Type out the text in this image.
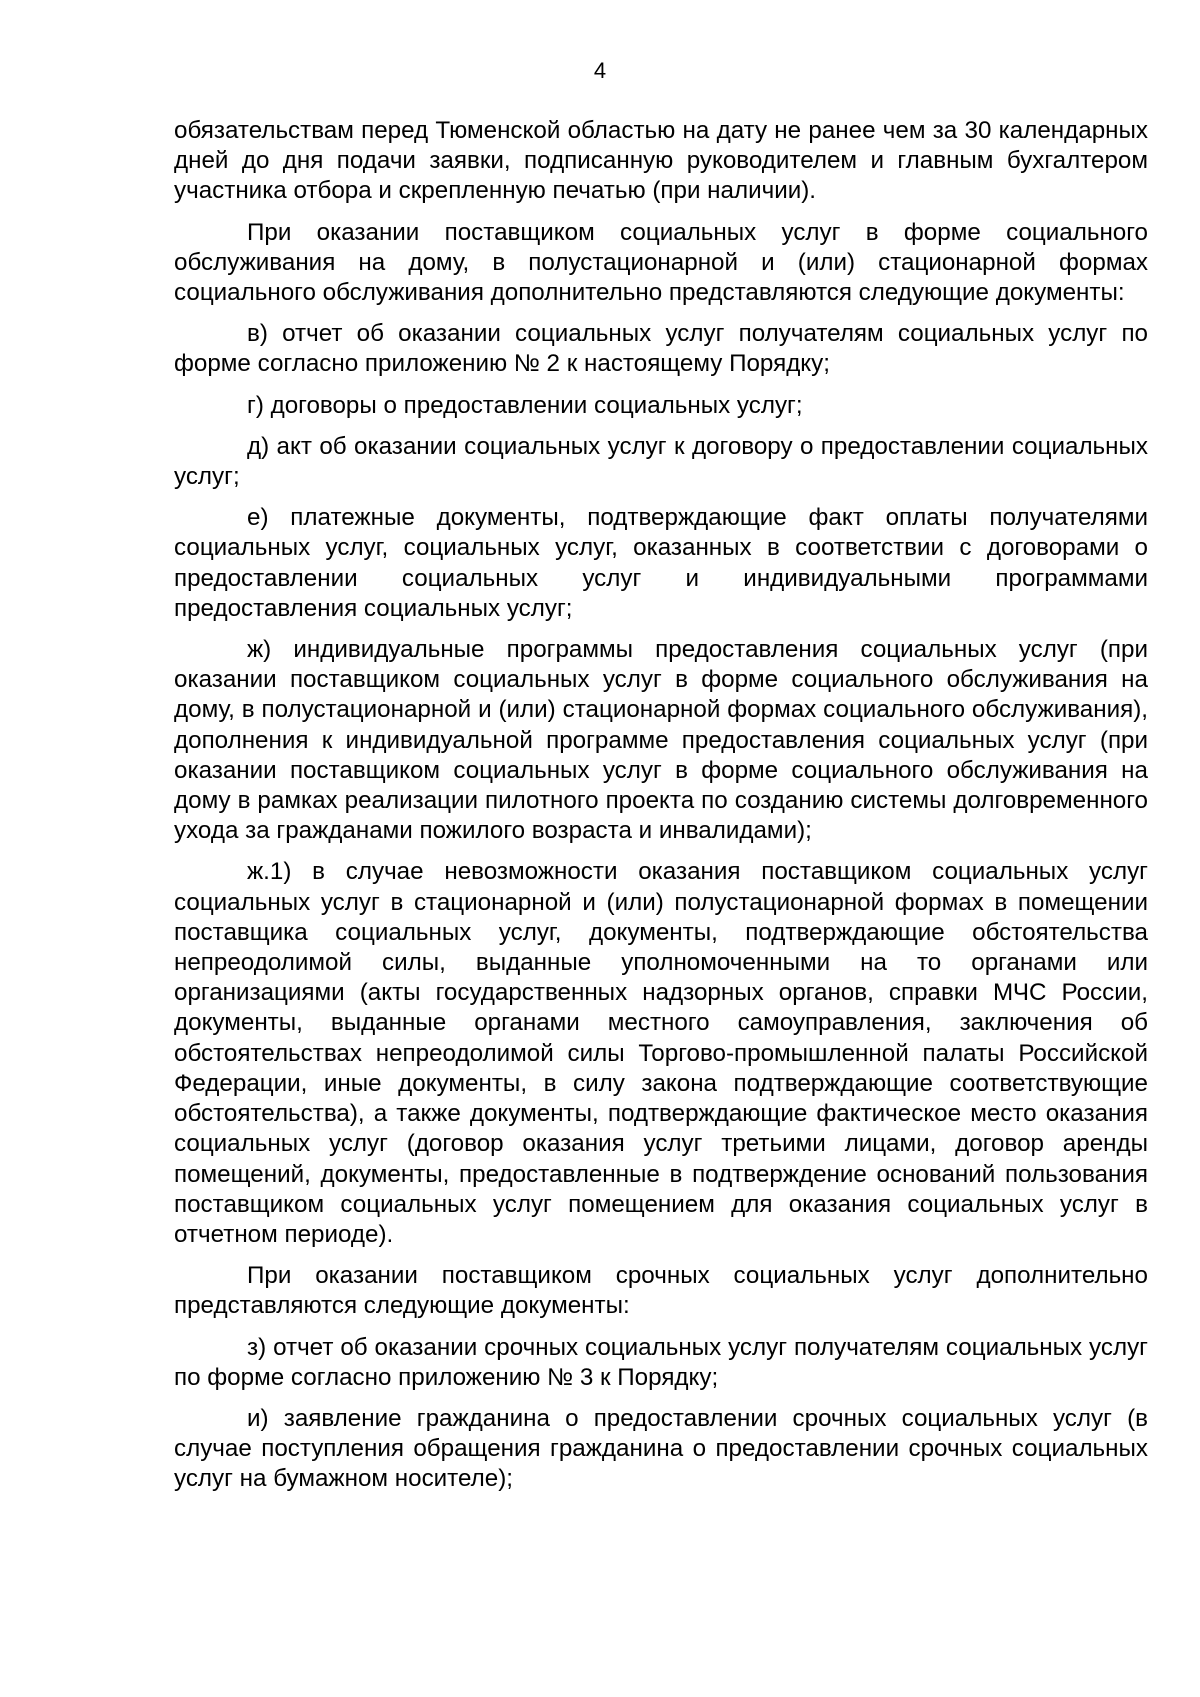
4

обязательствам перед Тюменской областью на дату не ранее чем за 30 календарных дней до дня подачи заявки, подписанную руководителем и главным бухгалтером участника отбора и скрепленную печатью (при наличии).

При оказании поставщиком социальных услуг в форме социального обслуживания на дому, в полустационарной и (или) стационарной формах социального обслуживания дополнительно представляются следующие документы:

в) отчет об оказании социальных услуг получателям социальных услуг по форме согласно приложению № 2 к настоящему Порядку;

г) договоры о предоставлении социальных услуг;

д) акт об оказании социальных услуг к договору о предоставлении социальных услуг;

е) платежные документы, подтверждающие факт оплаты получателями социальных услуг, социальных услуг, оказанных в соответствии с договорами о предоставлении социальных услуг и индивидуальными программами предоставления социальных услуг;

ж) индивидуальные программы предоставления социальных услуг (при оказании поставщиком социальных услуг в форме социального обслуживания на дому, в полустационарной и (или) стационарной формах социального обслуживания), дополнения к индивидуальной программе предоставления социальных услуг (при оказании поставщиком социальных услуг в форме социального обслуживания на дому в рамках реализации пилотного проекта по созданию системы долговременного ухода за гражданами пожилого возраста и инвалидами);

ж.1) в случае невозможности оказания поставщиком социальных услуг социальных услуг в стационарной и (или) полустационарной формах в помещении поставщика социальных услуг, документы, подтверждающие обстоятельства непреодолимой силы, выданные уполномоченными на то органами или организациями (акты государственных надзорных органов, справки МЧС России, документы, выданные органами местного самоуправления, заключения об обстоятельствах непреодолимой силы Торгово-промышленной палаты Российской Федерации, иные документы, в силу закона подтверждающие соответствующие обстоятельства), а также документы, подтверждающие фактическое место оказания социальных услуг (договор оказания услуг третьими лицами, договор аренды помещений, документы, предоставленные в подтверждение оснований пользования поставщиком социальных услуг помещением для оказания социальных услуг в отчетном периоде).

При оказании поставщиком срочных социальных услуг дополнительно представляются следующие документы:

з) отчет об оказании срочных социальных услуг получателям социальных услуг по форме согласно приложению № 3 к Порядку;

и) заявление гражданина о предоставлении срочных социальных услуг (в случае поступления обращения гражданина о предоставлении срочных социальных услуг на бумажном носителе);
